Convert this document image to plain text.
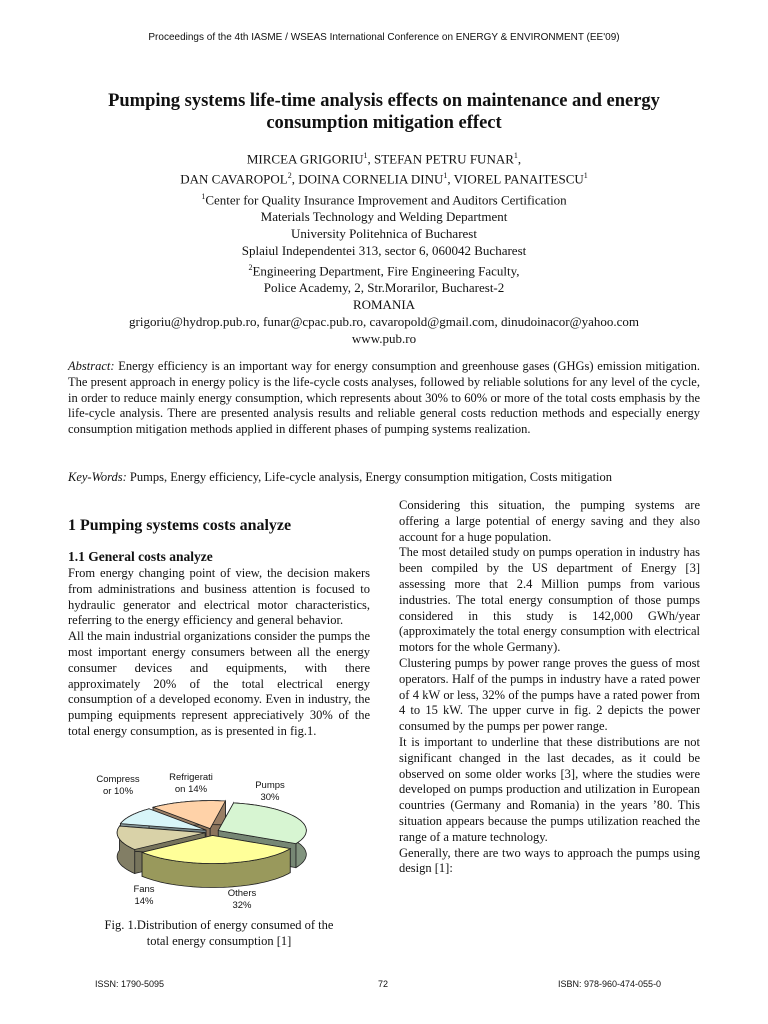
Proceedings of the 4th IASME / WSEAS International Conference on ENERGY & ENVIRONMENT (EE'09)
Pumping systems life-time analysis effects on maintenance and energy consumption mitigation effect
MIRCEA GRIGORIU$^1$, STEFAN PETRU FUNAR$^1$,
DAN CAVAROPOL$^2$, DOINA CORNELIA DINU$^1$, VIOREL PANAITESCU$^1$
$^1$Center for Quality Insurance Improvement and Auditors Certification
Materials Technology and Welding Department
University Politehnica of Bucharest
Splaiul Independentei 313, sector 6, 060042 Bucharest
$^2$Engineering Department, Fire Engineering Faculty,
Police Academy, 2, Str.Morarilor, Bucharest-2
ROMANIA
grigoriu@hydrop.pub.ro, funar@cpac.pub.ro, cavaropold@gmail.com, dinudoinacor@yahoo.com
www.pub.ro
Abstract: Energy efficiency is an important way for energy consumption and greenhouse gases (GHGs) emission mitigation. The present approach in energy policy is the life-cycle costs analyses, followed by reliable solutions for any level of the cycle, in order to reduce mainly energy consumption, which represents about 30% to 60% or more of the total costs emphasis by the life-cycle analysis. There are presented analysis results and reliable general costs reduction methods and especially energy consumption mitigation methods applied in different phases of pumping systems realization.
Key-Words: Pumps, Energy efficiency, Life-cycle analysis, Energy consumption mitigation, Costs mitigation
1 Pumping systems costs analyze
1.1 General costs analyze

From energy changing point of view, the decision makers from administrations and business attention is focused to hydraulic generator and electrical motor characteristics, referring to the energy efficiency and general behavior.

All the main industrial organizations consider the pumps the most important energy consumers between all the energy consumer devices and equipments, with there approximately 20% of the total electrical energy consumption of a developed economy. Even in industry, the pumping equipments represent appreciatively 30% of the total energy consumption, as is presented in fig.1.

Considering this situation, the pumping systems are offering a large potential of energy saving and they also account for a huge population.

The most detailed study on pumps operation in industry has been compiled by the US department of Energy [3] assessing more that 2.4 Million pumps from various industries. The total energy consumption of those pumps considered in this study is 142,000 GWh/year (approximately the total energy consumption with electrical motors for the whole Germany).

Clustering pumps by power range proves the guess of most operators. Half of the pumps in industry have a rated power of 4 kW or less, 32% of the pumps have a rated power from 4 to 15 kW. The upper curve in fig. 2 depicts the power consumed by the pumps per power range.

It is important to underline that these distributions are not significant changed in the last decades, as it could be observed on some older works [3], where the studies were developed on pumps production and utilization in European countries (Germany and Romania) in the years ’80. This situation appears because the pumps utilization reached the range of a mature technology.

Generally, there are two ways to approach the pumps using design [1]:

Pumps 30%
Others 32%
Fans 14%
Compress or 10%
Refrigerati on 14%
Fig. 1.Distribution of energy consumed of the
total energy consumption [1]
ISSN: 1790-5095	72	ISBN: 978-960-474-055-0
